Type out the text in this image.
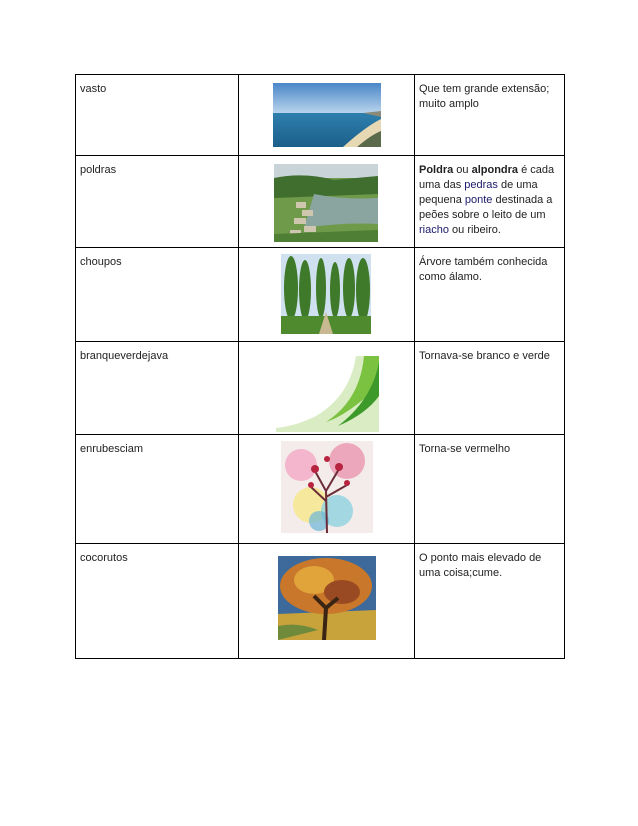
vasto		Que tem grande extensão; muito amplo
poldras		Poldra ou alpondra é cada uma das pedras de uma pequena ponte destinada a peões sobre o leito de um riacho ou ribeiro.
choupos		Árvore também conhecida como álamo.
branqueverdejava		Tornava-se branco e verde
enrubesciam		Torna-se vermelho
cocorutos		O ponto mais elevado de uma coisa;cume.
